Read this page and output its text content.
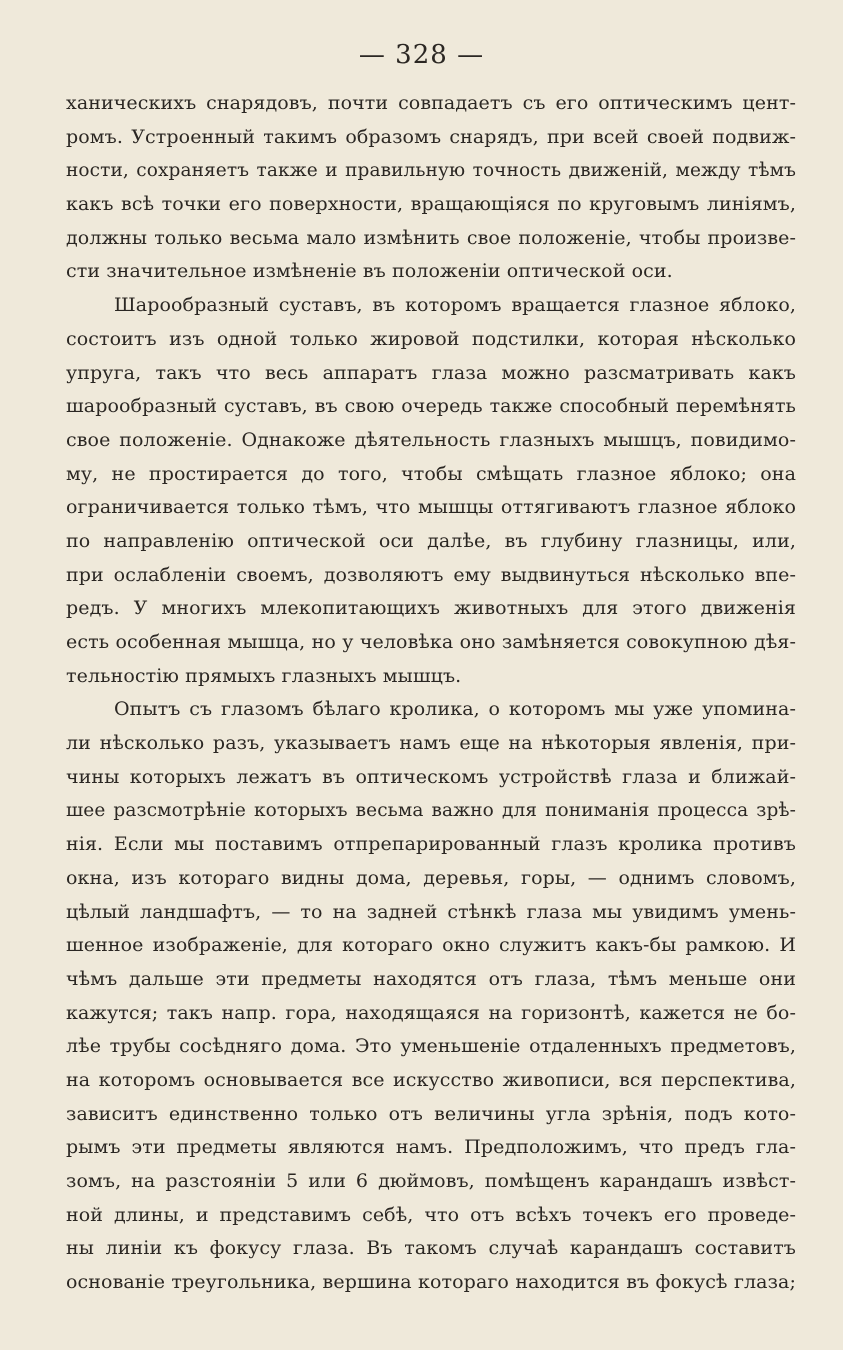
— 328 —
ханическихъ снарядовъ, почти совпадаетъ съ его оптическимъ цент-
ромъ. Устроенный такимъ образомъ снарядъ, при всей своей подвиж-
ности, сохраняетъ также и правильную точность движеній, между тѣмъ
какъ всѣ точки его поверхности, вращающіяся по круговымъ линіямъ,
должны только весьма мало измѣнить свое положеніе, чтобы произве-
сти значительное измѣненіе въ положеніи оптической оси.
Шарообразный суставъ, въ которомъ вращается глазное яблоко,
состоитъ изъ одной только жировой подстилки, которая нѣсколько
упруга, такъ что весь аппаратъ глаза можно разсматривать какъ
шарообразный суставъ, въ свою очередь также способный перемѣнять
свое положеніе. Однакоже дѣятельность глазныхъ мышцъ, повидимо-
му, не простирается до того, чтобы смѣщать глазное яблоко; она
ограничивается только тѣмъ, что мышцы оттягиваютъ глазное яблоко
по направленію оптической оси далѣе, въ глубину глазницы, или,
при ослабленіи своемъ, дозволяютъ ему выдвинуться нѣсколько впе-
редъ. У многихъ млекопитающихъ животныхъ для этого движенія
есть особенная мышца, но у человѣка оно замѣняется совокупною дѣя-
тельностію прямыхъ глазныхъ мышцъ.
Опытъ съ глазомъ бѣлаго кролика, о которомъ мы уже упомина-
ли нѣсколько разъ, указываетъ намъ еще на нѣкоторыя явленія, при-
чины которыхъ лежатъ въ оптическомъ устройствѣ глаза и ближай-
шее разсмотрѣніе которыхъ весьма важно для пониманія процесса зрѣ-
нія. Если мы поставимъ отпрепарированный глазъ кролика противъ
окна, изъ котораго видны дома, деревья, горы, — однимъ словомъ,
цѣлый ландшафтъ, — то на задней стѣнкѣ глаза мы увидимъ умень-
шенное изображеніе, для котораго окно служитъ какъ-бы рамкою. И
чѣмъ дальше эти предметы находятся отъ глаза, тѣмъ меньше они
кажутся; такъ напр. гора, находящаяся на горизонтѣ, кажется не бо-
лѣе трубы сосѣдняго дома. Это уменьшеніе отдаленныхъ предметовъ,
на которомъ основывается все искусство живописи, вся перспектива,
зависитъ единственно только отъ величины угла зрѣнія, подъ кото-
рымъ эти предметы являются намъ. Предположимъ, что предъ гла-
зомъ, на разстояніи 5 или 6 дюймовъ, помѣщенъ карандашъ извѣст-
ной длины, и представимъ себѣ, что отъ всѣхъ точекъ его проведе-
ны линіи къ фокусу глаза. Въ такомъ случаѣ карандашъ составитъ
основаніе треугольника, вершина котораго находится въ фокусѣ глаза;
